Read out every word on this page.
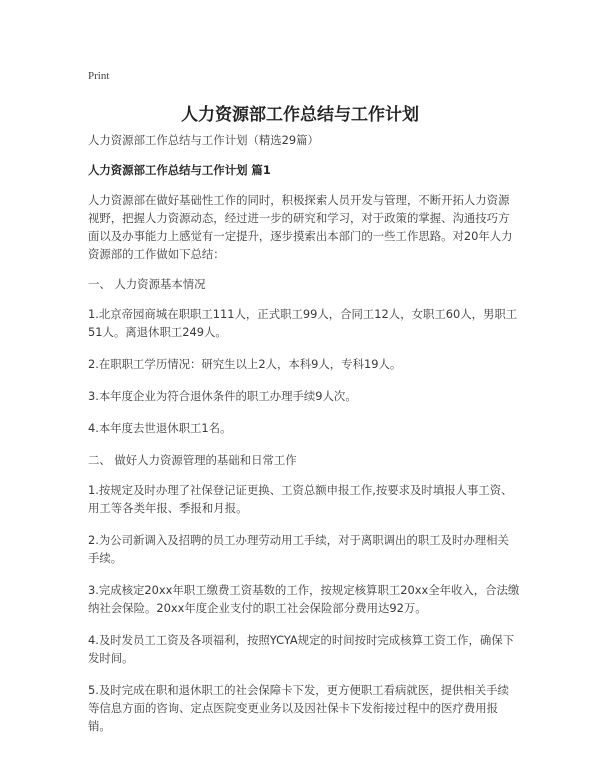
Print
人力资源部工作总结与工作计划

人力资源部工作总结与工作计划（精选29篇）

人力资源部工作总结与工作计划 篇1

人力资源部在做好基础性工作的同时，积极探索人员开发与管理，不断开拓人力资源视野，把握人力资源动态，经过进一步的研究和学习，对于政策的掌握、沟通技巧方面以及办事能力上感觉有一定提升，逐步摸索出本部门的一些工作思路。对20年人力资源部的工作做如下总结：

一、 人力资源基本情况

1.北京帝园商城在职职工111人，正式职工99人，合同工12人，女职工60人，男职工51人。离退休职工249人。

2.在职职工学历情况：研究生以上2人，本科9人，专科19人。

3.本年度企业为符合退休条件的职工办理手续9人次。

4.本年度去世退休职工1名。

二、 做好人力资源管理的基础和日常工作

1.按规定及时办理了社保登记证更换、工资总额申报工作,按要求及时填报人事工资、用工等各类年报、季报和月报。

2.为公司新调入及招聘的员工办理劳动用工手续，对于离职调出的职工及时办理相关手续。

3.完成核定20xx年职工缴费工资基数的工作，按规定核算职工20xx全年收入，合法缴纳社会保险。20xx年度企业支付的职工社会保险部分费用达92万。

4.及时发员工工资及各项福利，按照YCYA规定的时间按时完成核算工资工作，确保下发时间。

5.及时完成在职和退休职工的社会保障卡下发，更方便职工看病就医，提供相关手续等信息方面的咨询、定点医院变更业务以及因社保卡下发衔接过程中的医疗费用报销。
